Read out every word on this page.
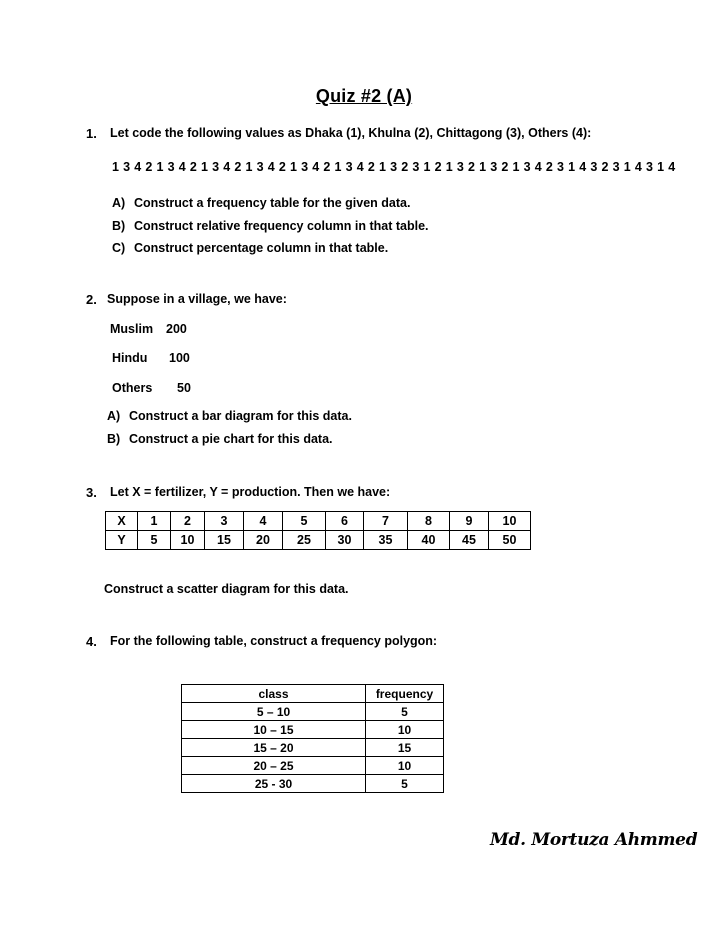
Quiz #2 (A)
1. Let code the following values as Dhaka (1), Khulna (2), Chittagong (3), Others (4):
1 3 4 2 1 3 4 2 1 3 4 2 1 3 4 2 1 3 4 2 1 3 4 2 1 3 2 3 1 2 1 3 2 1 3 2 1 3 4 2 3 1 4 3 2 3 1 4 3 1 4
A) Construct a frequency table for the given data.
B) Construct relative frequency column in that table.
C) Construct percentage column in that table.
2. Suppose in a village, we have:
Muslim 200
Hindu 100
Others 50
A) Construct a bar diagram for this data.
B) Construct a pie chart for this data.
3. Let X = fertilizer, Y = production. Then we have:
X	1	2	3	4	5	6	7	8	9	10
Y	5	10	15	20	25	30	35	40	45	50
Construct a scatter diagram for this data.
4. For the following table, construct a frequency polygon:
class	frequency
5 – 10	5
10 – 15	10
15 – 20	15
20 – 25	10
25 - 30	5
Md. Mortuza Ahmmed
